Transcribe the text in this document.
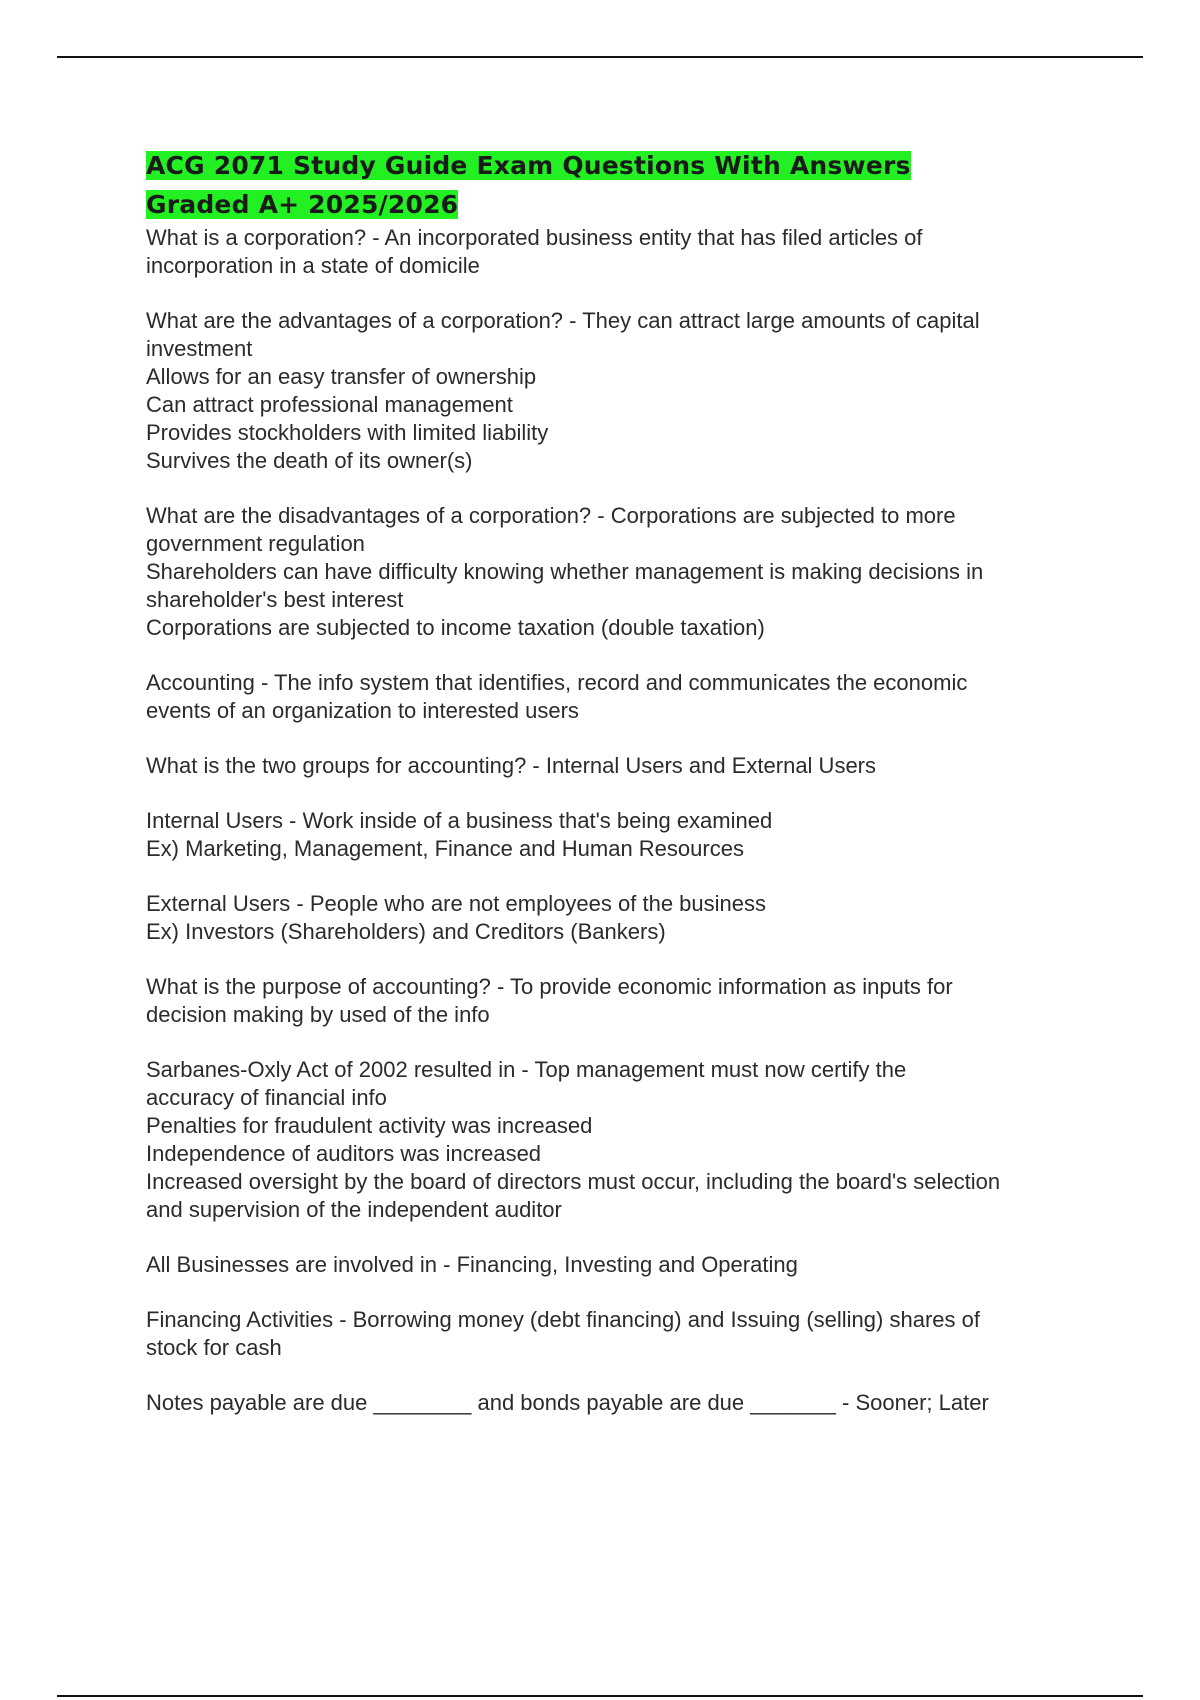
ACG 2071 Study Guide Exam Questions With Answers
Graded A+ 2025/2026

What is a corporation? - An incorporated business entity that has filed articles of
incorporation in a state of domicile

What are the advantages of a corporation? - They can attract large amounts of capital
investment
Allows for an easy transfer of ownership
Can attract professional management
Provides stockholders with limited liability
Survives the death of its owner(s)

What are the disadvantages of a corporation? - Corporations are subjected to more
government regulation
Shareholders can have difficulty knowing whether management is making decisions in
shareholder's best interest
Corporations are subjected to income taxation (double taxation)

Accounting - The info system that identifies, record and communicates the economic
events of an organization to interested users

What is the two groups for accounting? - Internal Users and External Users

Internal Users - Work inside of a business that's being examined
Ex) Marketing, Management, Finance and Human Resources

External Users - People who are not employees of the business
Ex) Investors (Shareholders) and Creditors (Bankers)

What is the purpose of accounting? - To provide economic information as inputs for
decision making by used of the info

Sarbanes-Oxly Act of 2002 resulted in - Top management must now certify the
accuracy of financial info
Penalties for fraudulent activity was increased
Independence of auditors was increased
Increased oversight by the board of directors must occur, including the board's selection
and supervision of the independent auditor

All Businesses are involved in - Financing, Investing and Operating

Financing Activities - Borrowing money (debt financing) and Issuing (selling) shares of
stock for cash

Notes payable are due ________ and bonds payable are due _______ - Sooner; Later
